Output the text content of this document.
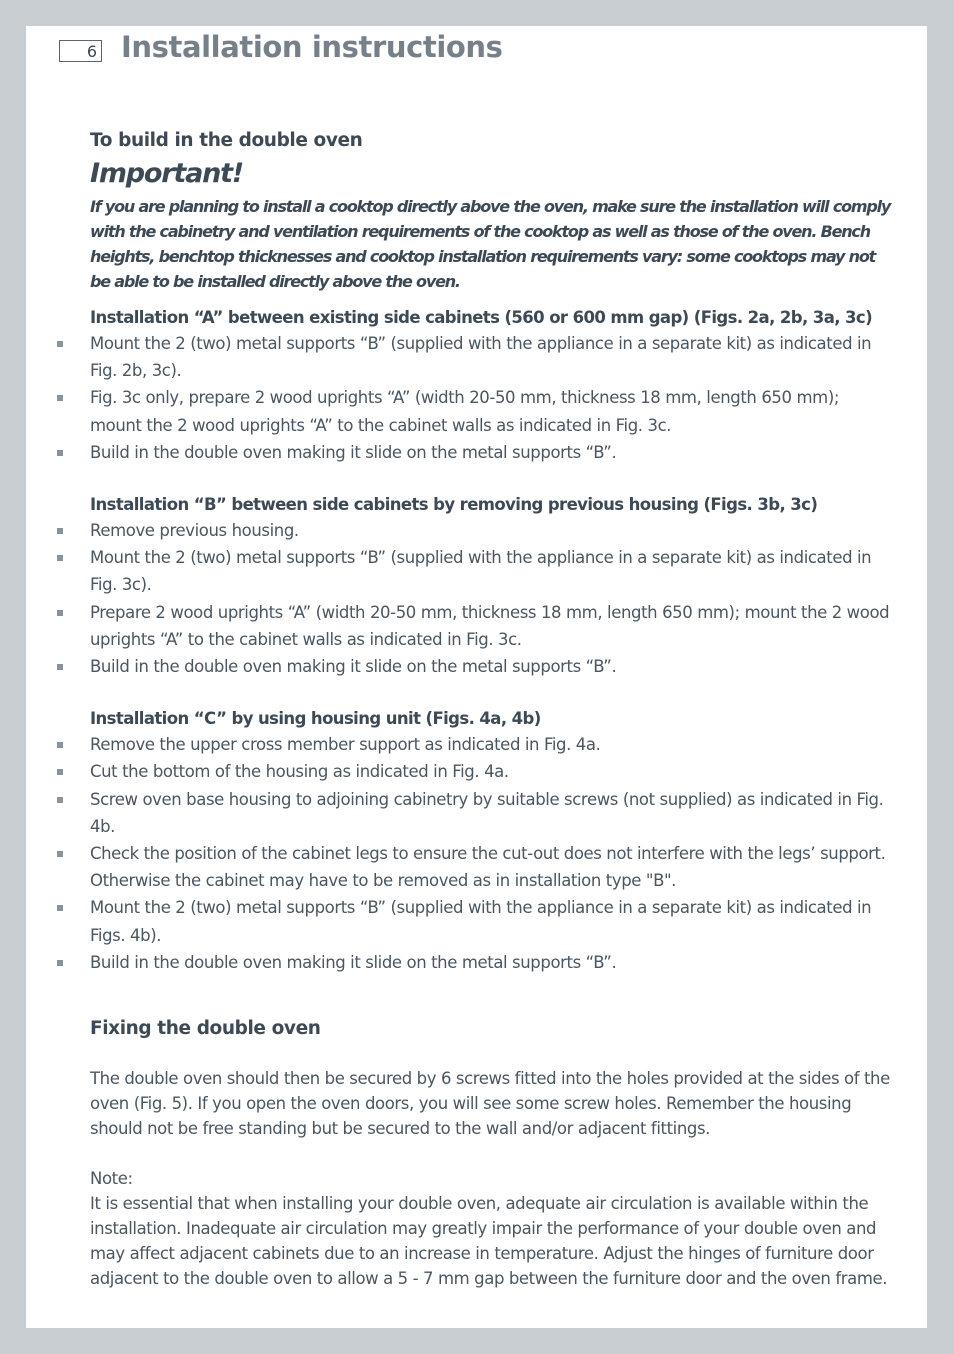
6 Installation instructions
To build in the double oven
Important!

If you are planning to install a cooktop directly above the oven, make sure the installation will comply with the cabinetry and ventilation requirements of the cooktop as well as those of the oven. Bench heights, benchtop thicknesses and cooktop installation requirements vary: some cooktops may not be able to be installed directly above the oven.

Installation “A” between existing side cabinets (560 or 600 mm gap) (Figs. 2a, 2b, 3a, 3c)
Mount the 2 (two) metal supports “B” (supplied with the appliance in a separate kit) as indicated in Fig. 2b, 3c).
Fig. 3c only, prepare 2 wood uprights “A” (width 20-50 mm, thickness 18 mm, length 650 mm); mount the 2 wood uprights “A” to the cabinet walls as indicated in Fig. 3c.
Build in the double oven making it slide on the metal supports “B”.
Installation “B” between side cabinets by removing previous housing (Figs. 3b, 3c)
Remove previous housing.
Mount the 2 (two) metal supports “B” (supplied with the appliance in a separate kit) as indicated in Fig. 3c).
Prepare 2 wood uprights “A” (width 20-50 mm, thickness 18 mm, length 650 mm); mount the 2 wood uprights “A” to the cabinet walls as indicated in Fig. 3c.
Build in the double oven making it slide on the metal supports “B”.
Installation “C” by using housing unit (Figs. 4a, 4b)
Remove the upper cross member support as indicated in Fig. 4a.
Cut the bottom of the housing as indicated in Fig. 4a.
Screw oven base housing to adjoining cabinetry by suitable screws (not supplied) as indicated in Fig. 4b.
Check the position of the cabinet legs to ensure the cut-out does not interfere with the legs’ support. Otherwise the cabinet may have to be removed as in installation type "B".
Mount the 2 (two) metal supports “B” (supplied with the appliance in a separate kit) as indicated in Figs. 4b).
Build in the double oven making it slide on the metal supports “B”.
Fixing the double oven

The double oven should then be secured by 6 screws fitted into the holes provided at the sides of the oven (Fig. 5). If you open the oven doors, you will see some screw holes. Remember the housing should not be free standing but be secured to the wall and/or adjacent fittings.

Note:

It is essential that when installing your double oven, adequate air circulation is available within the installation. Inadequate air circulation may greatly impair the performance of your double oven and may affect adjacent cabinets due to an increase in temperature. Adjust the hinges of furniture door adjacent to the double oven to allow a 5 - 7 mm gap between the furniture door and the oven frame.
